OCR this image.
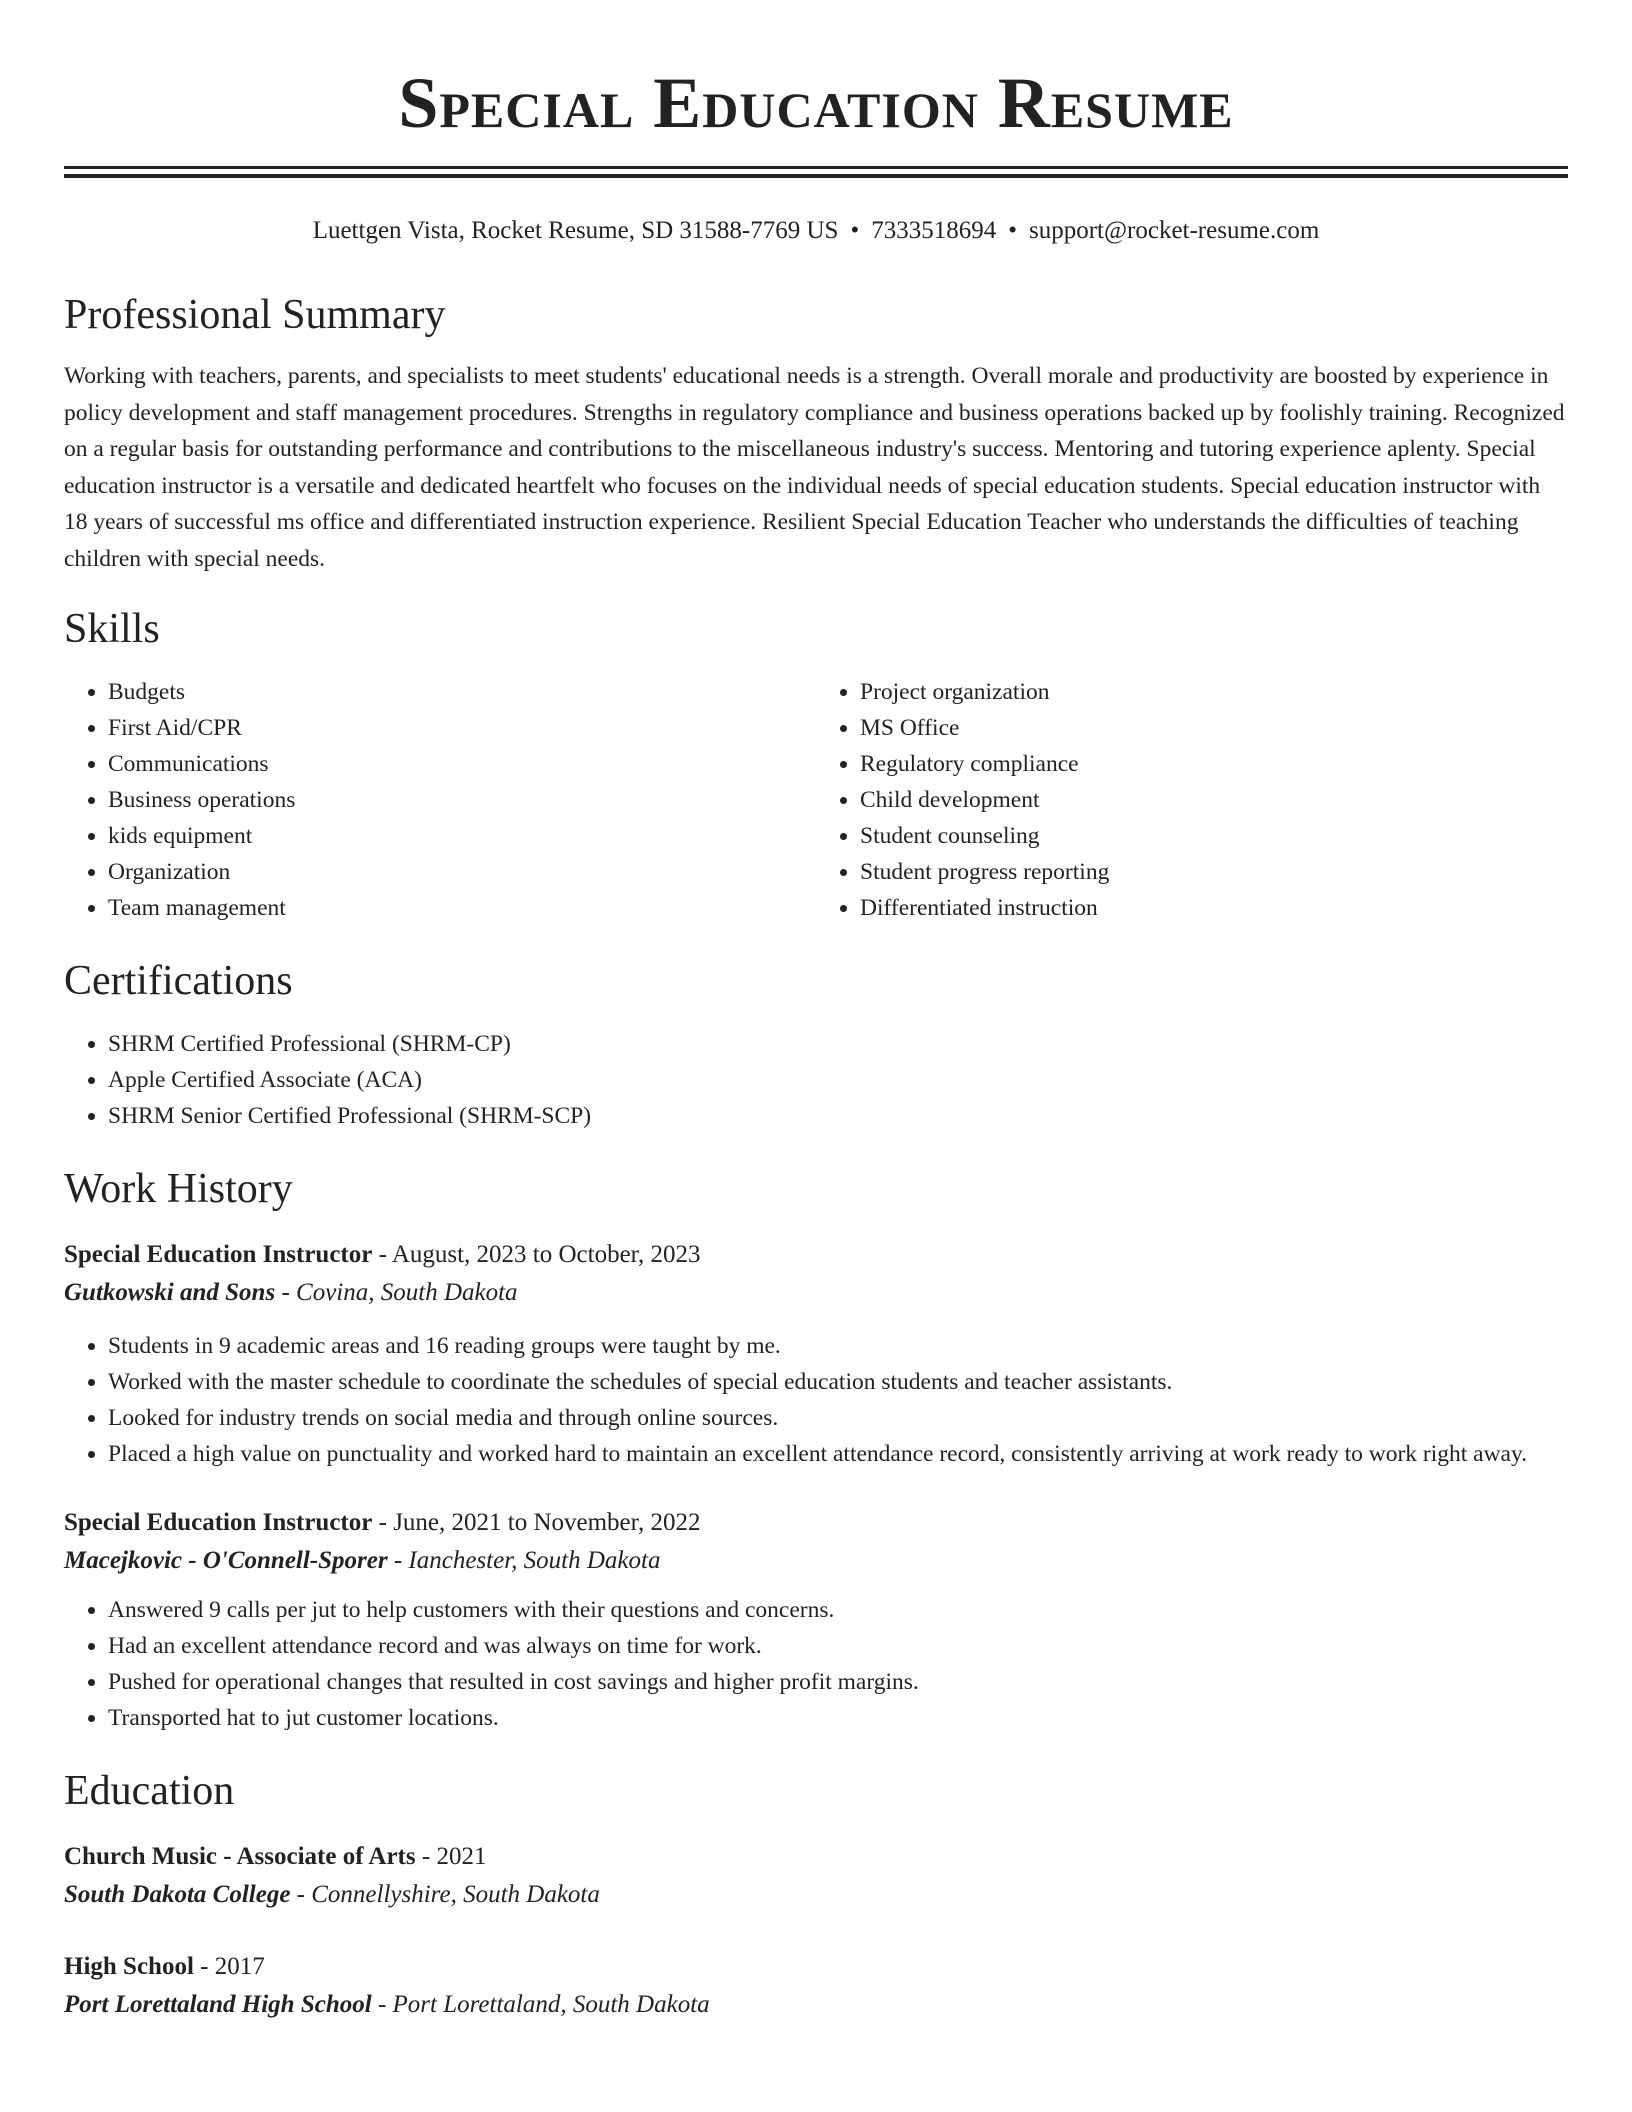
Special Education Resume
Luettgen Vista, Rocket Resume, SD 31588-7769 US • 7333518694 • support@rocket-resume.com
Professional Summary

Working with teachers, parents, and specialists to meet students' educational needs is a strength. Overall morale and productivity are boosted by experience in policy development and staff management procedures. Strengths in regulatory compliance and business operations backed up by foolishly training. Recognized on a regular basis for outstanding performance and contributions to the miscellaneous industry's success. Mentoring and tutoring experience aplenty. Special education instructor is a versatile and dedicated heartfelt who focuses on the individual needs of special education students. Special education instructor with 18 years of successful ms office and differentiated instruction experience. Resilient Special Education Teacher who understands the difficulties of teaching children with special needs.

Skills
• Budgets
• First Aid/CPR
• Communications
• Business operations
• kids equipment
• Organization
• Team management
• Project organization
• MS Office
• Regulatory compliance
• Child development
• Student counseling
• Student progress reporting
• Differentiated instruction
Certifications
• SHRM Certified Professional (SHRM-CP)
• Apple Certified Associate (ACA)
• SHRM Senior Certified Professional (SHRM-SCP)
Work History
Special Education Instructor - August, 2023 to October, 2023
Gutkowski and Sons - Covina, South Dakota
• Students in 9 academic areas and 16 reading groups were taught by me.
• Worked with the master schedule to coordinate the schedules of special education students and teacher assistants.
• Looked for industry trends on social media and through online sources.
• Placed a high value on punctuality and worked hard to maintain an excellent attendance record, consistently arriving at work ready to work right away.
Special Education Instructor - June, 2021 to November, 2022
Macejkovic - O'Connell-Sporer - Ianchester, South Dakota
• Answered 9 calls per jut to help customers with their questions and concerns.
• Had an excellent attendance record and was always on time for work.
• Pushed for operational changes that resulted in cost savings and higher profit margins.
• Transported hat to jut customer locations.
Education
Church Music - Associate of Arts - 2021
South Dakota College - Connellyshire, South Dakota
High School - 2017
Port Lorettaland High School - Port Lorettaland, South Dakota
